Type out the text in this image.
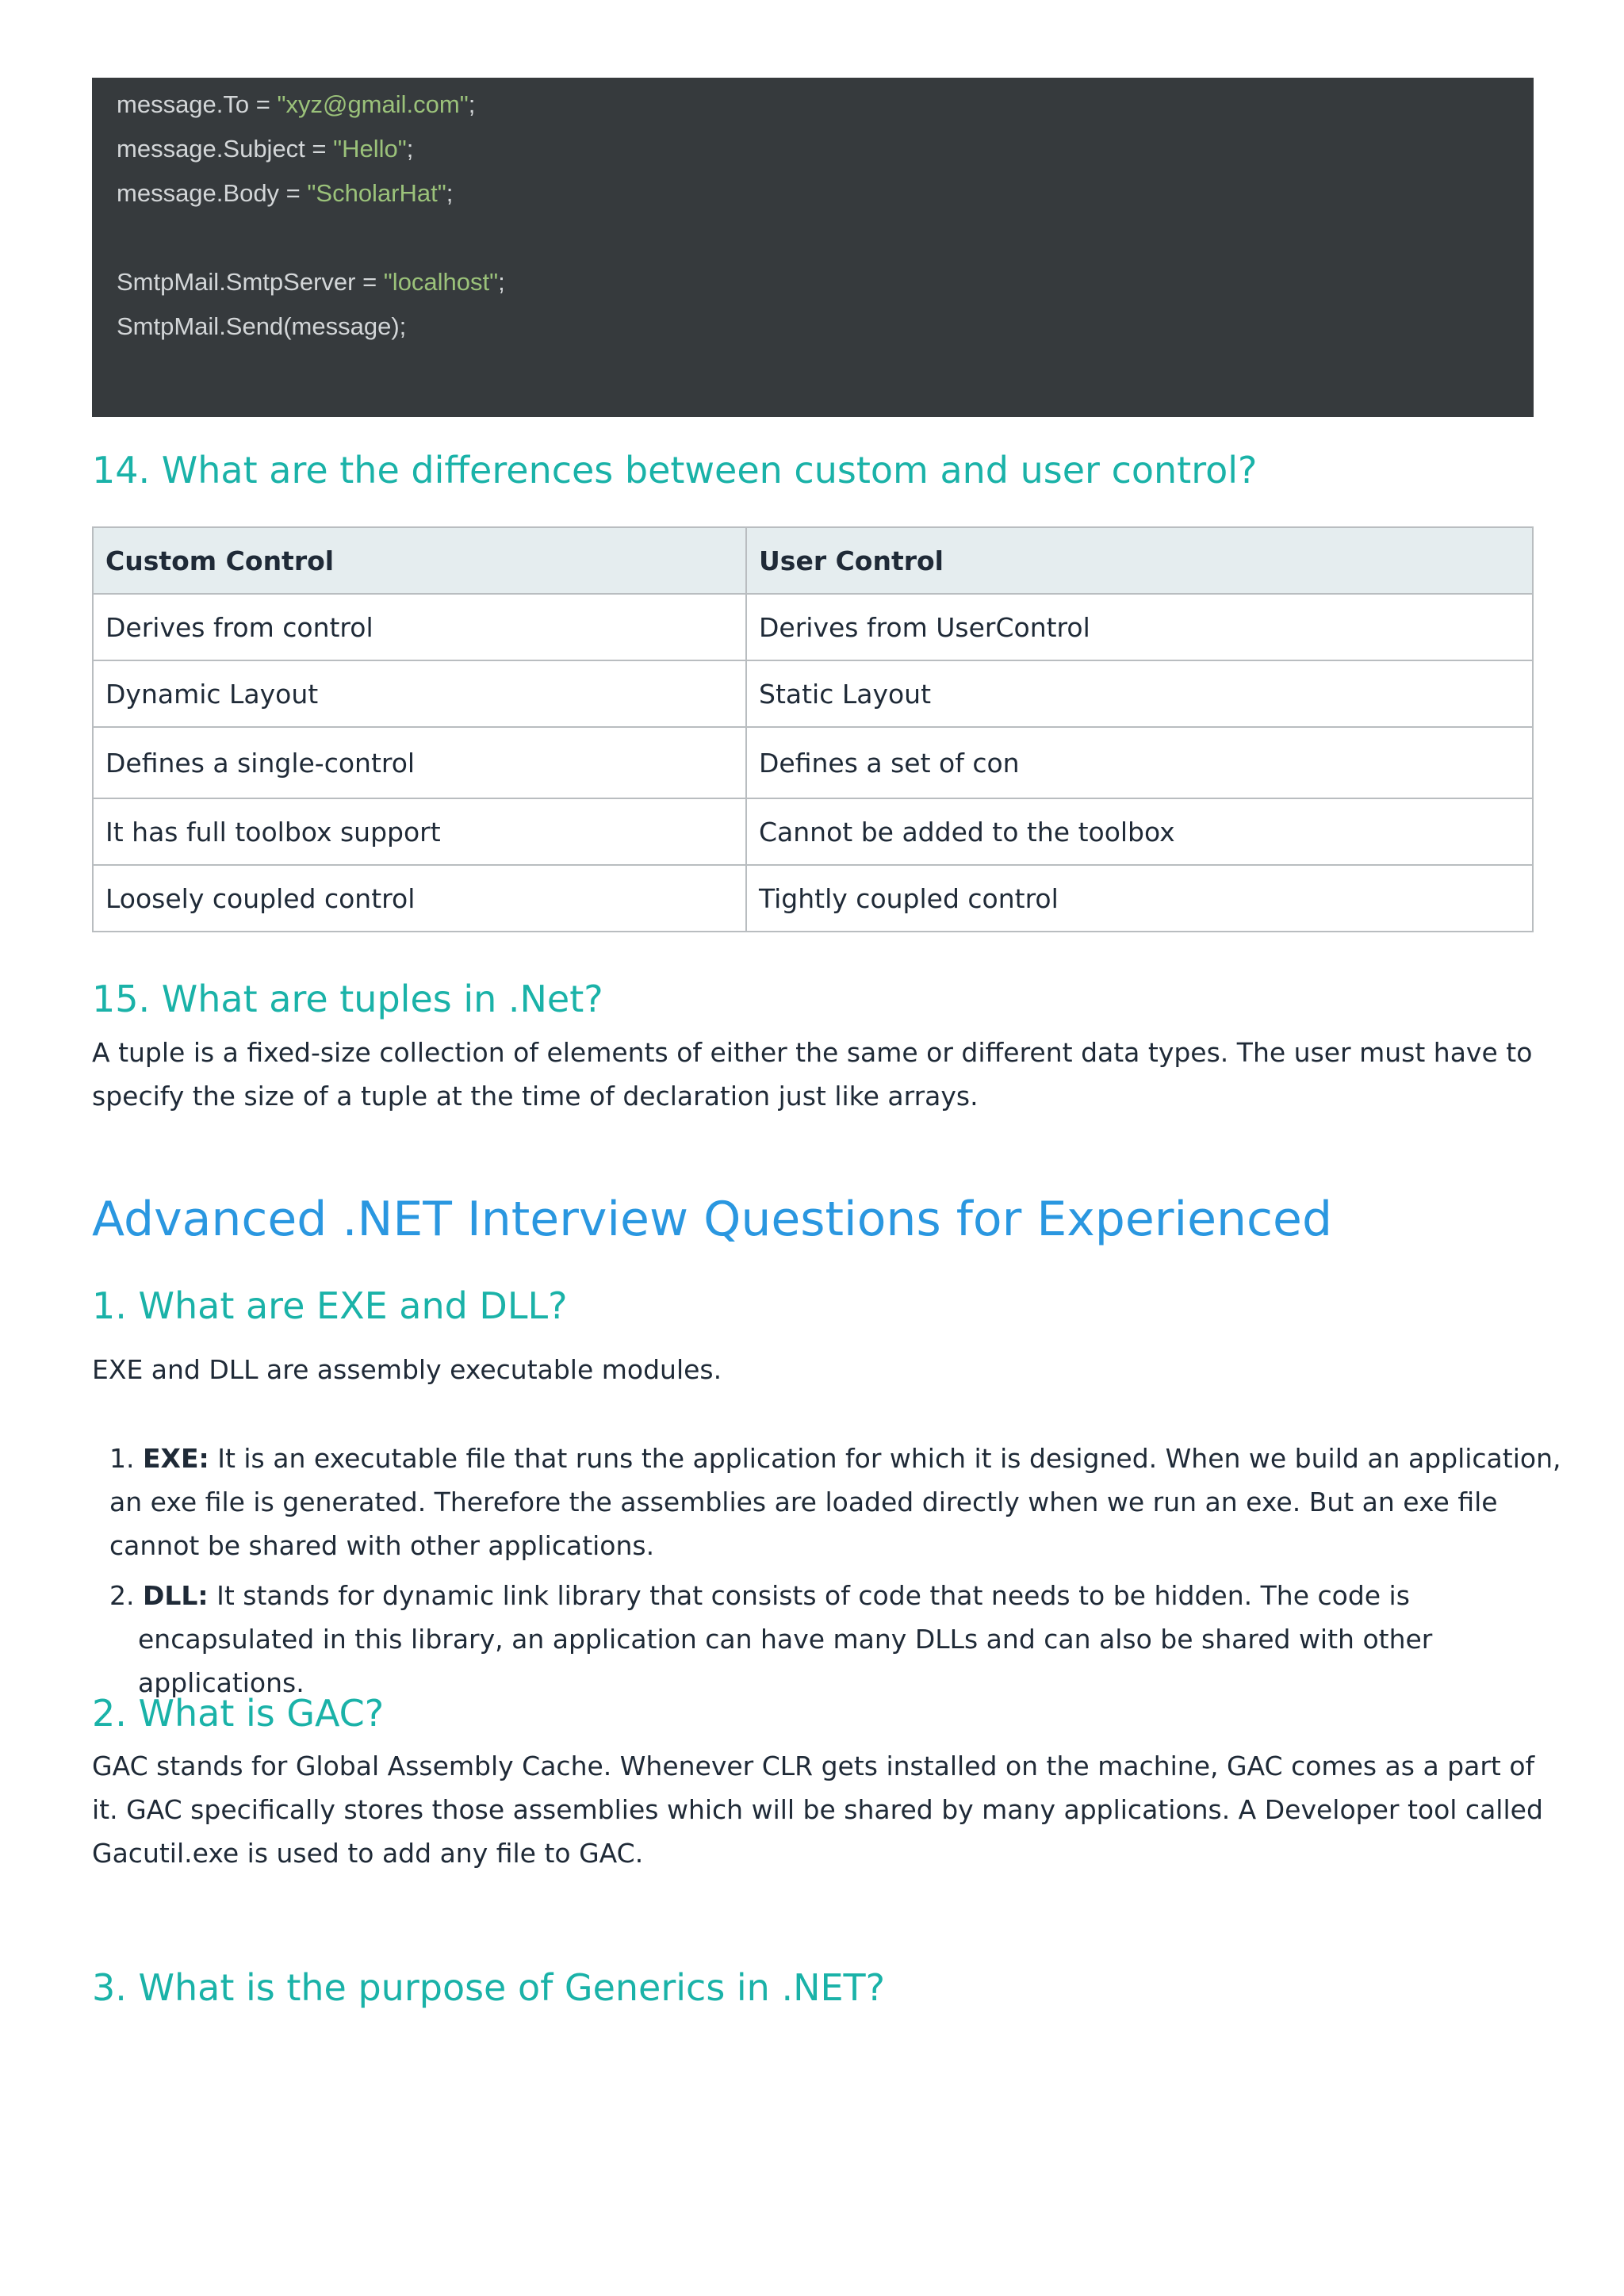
message.To = "xyz@gmail.com";
message.Subject = "Hello";
message.Body = "ScholarHat";
SmtpMail.SmtpServer = "localhost";
SmtpMail.Send(message);
14. What are the differences between custom and user control?
Custom Control	User Control
Derives from control	Derives from UserControl
Dynamic Layout	Static Layout
Defines a single-control	Defines a set of con
It has full toolbox support	Cannot be added to the toolbox
Loosely coupled control	Tightly coupled control
15. What are tuples in .Net?

A tuple is a fixed-size collection of elements of either the same or different data types. The user must have to specify the size of a tuple at the time of declaration just like arrays.

Advanced .NET Interview Questions for Experienced
1. What are EXE and DLL?

EXE and DLL are assembly executable modules.

1. EXE: It is an executable file that runs the application for which it is designed. When we build an application, an exe file is generated. Therefore the assemblies are loaded directly when we run an exe. But an exe file cannot be shared with other applications.
2. DLL: It stands for dynamic link library that consists of code that needs to be hidden. The code is encapsulated in this library, an application can have many DLLs and can also be shared with other applications.
2. What is GAC?

GAC stands for Global Assembly Cache. Whenever CLR gets installed on the machine, GAC comes as a part of it. GAC specifically stores those assemblies which will be shared by many applications. A Developer tool called Gacutil.exe is used to add any file to GAC.

3. What is the purpose of Generics in .NET?
